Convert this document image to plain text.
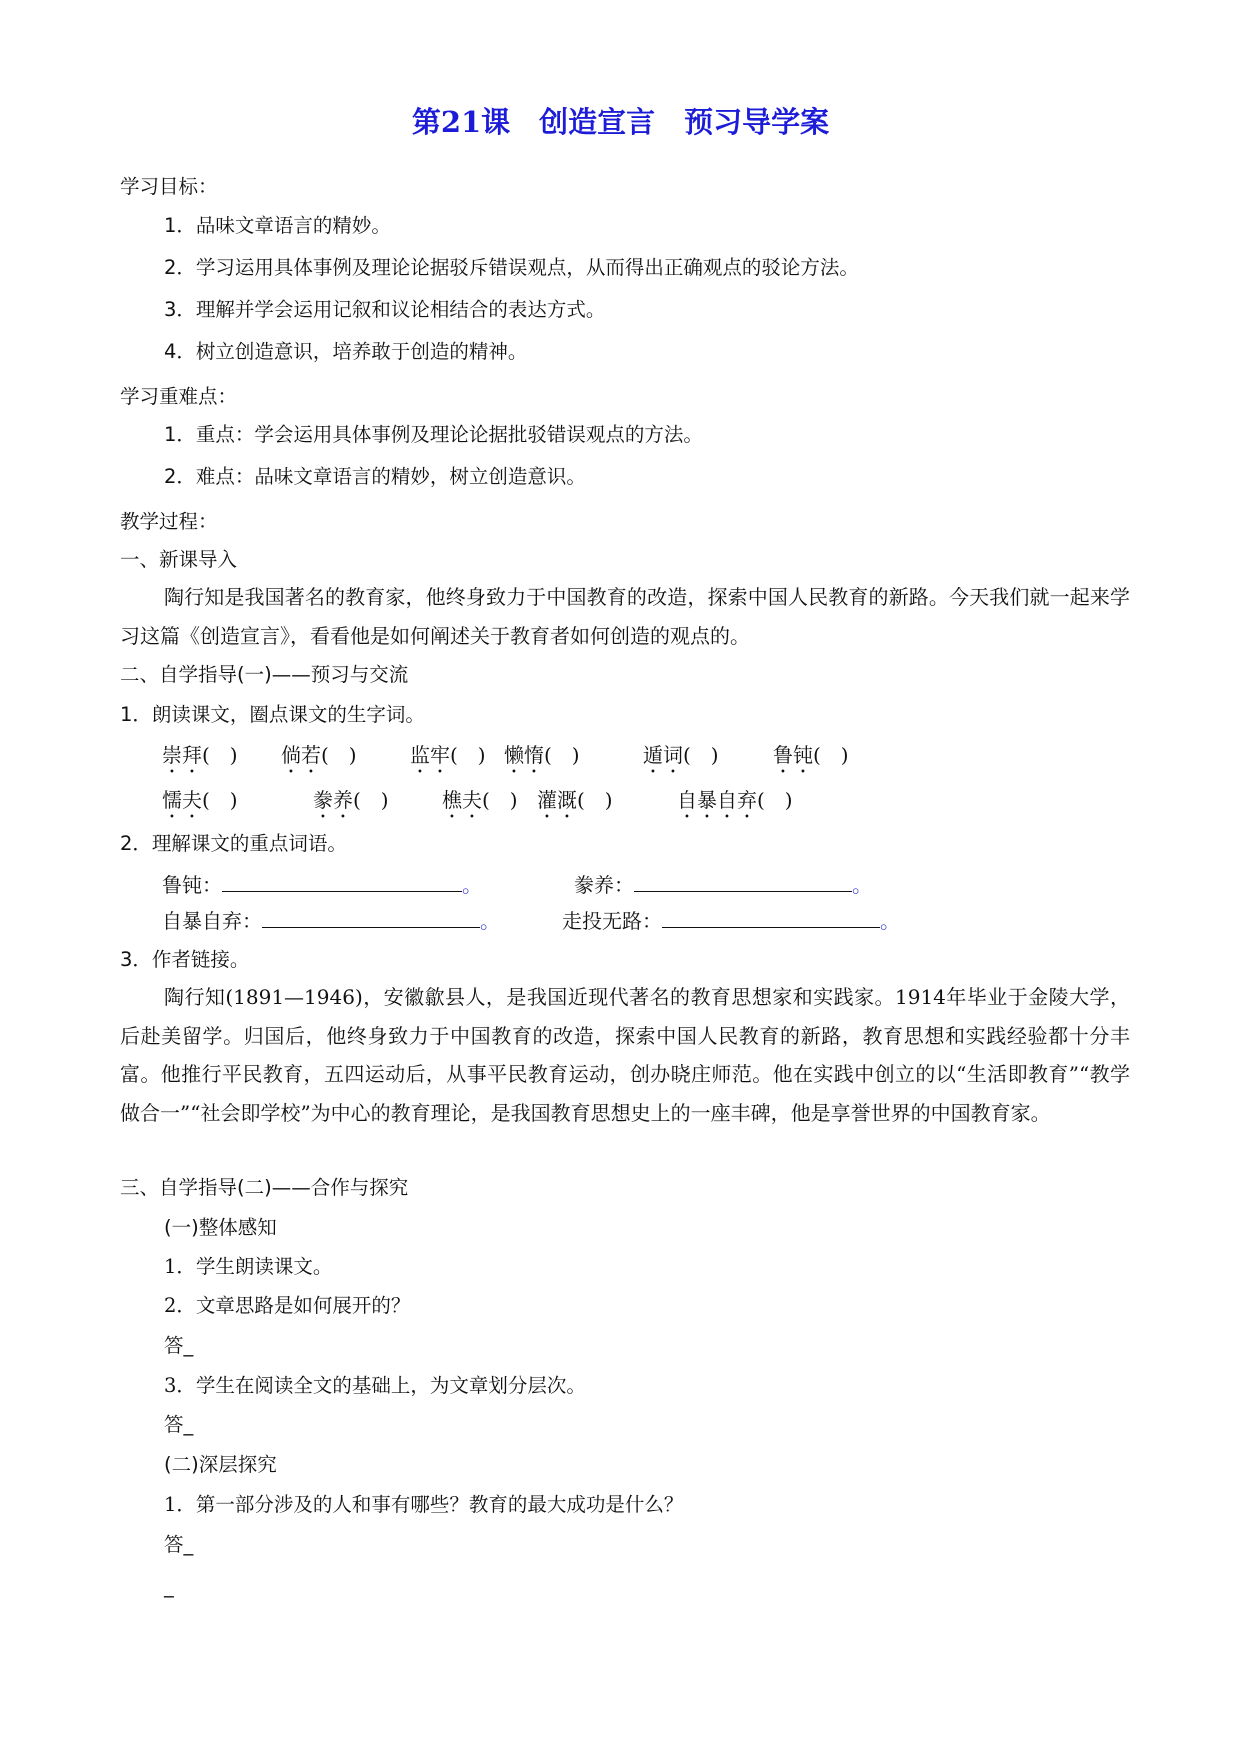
第21课　创造宣言　预习导学案
学习目标：
1．品味文章语言的精妙。
2．学习运用具体事例及理论论据驳斥错误观点，从而得出正确观点的驳论方法。
3．理解并学会运用记叙和议论相结合的表达方式。
4．树立创造意识，培养敢于创造的精神。
学习重难点：
1．重点：学会运用具体事例及理论论据批驳错误观点的方法。
2．难点：品味文章语言的精妙，树立创造意识。
教学过程：
一、新课导入
陶行知是我国著名的教育家，他终身致力于中国教育的改造，探索中国人民教育的新路。今天我们就一起来学习这篇《创造宣言》，看看他是如何阐述关于教育者如何创造的观点的。
二、自学指导(一)——预习与交流
1．朗读课文，圈点课文的生字词。
崇拜(　) 倘若(　)	监牢(　) 懒惰(　)	遁词(　)	鲁钝(　)
懦夫(　)	豢养(　)	樵夫(　) 灌溉(　)	自暴自弃(　)
2．理解课文的重点词语。
鲁钝：	。	豢养：	。
自暴自弃：	。	走投无路：	。
3．作者链接。
陶行知(1891—1946)，安徽歙县人，是我国近现代著名的教育思想家和实践家。1914年毕业于金陵大学，后赴美留学。归国后，他终身致力于中国教育的改造，探索中国人民教育的新路，教育思想和实践经验都十分丰富。他推行平民教育，五四运动后，从事平民教育运动，创办晓庄师范。他在实践中创立的以“生活即教育”“教学做合一”“社会即学校”为中心的教育理论，是我国教育思想史上的一座丰碑，他是享誉世界的中国教育家。
三、自学指导(二)——合作与探究
(一)整体感知
1．学生朗读课文。
2．文章思路是如何展开的？
答_
3．学生在阅读全文的基础上，为文章划分层次。
答_
(二)深层探究
1．第一部分涉及的人和事有哪些？教育的最大成功是什么？
答_
_
